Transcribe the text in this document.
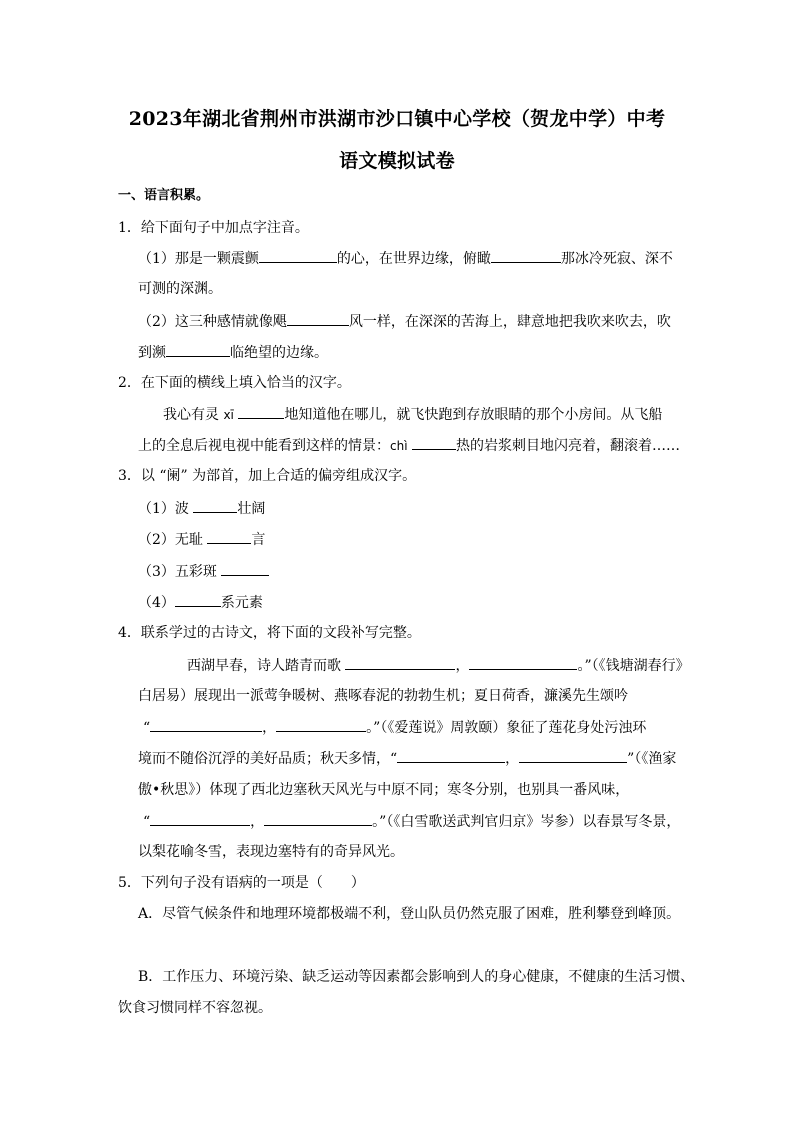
2023年湖北省荆州市洪湖市沙口镇中心学校（贺龙中学）中考
语文模拟试卷
一、语言积累。
1．给下面句子中加点字注音。
（1）那是一颗震颤	的心，在世界边缘，俯瞰	那冰冷死寂、深不
可测的深渊。
（2）这三种感情就像飓	风一样，在深深的苦海上，肆意地把我吹来吹去，吹
到濒	临绝望的边缘。
2．在下面的横线上填入恰当的汉字。
我心有灵 xī	地知道他在哪儿，就飞快跑到存放眼睛的那个小房间。从飞船
上的全息后视电视中能看到这样的情景：chì	热的岩浆刺目地闪亮着，翻滚着……
3．以 “阑” 为部首，加上合适的偏旁组成汉字。
（1）波	壮阔
（2）无耻	言
（3）五彩斑
（4）	系元素
4．联系学过的古诗文，将下面的文段补写完整。
西湖早春，诗人踏青而歌	，	。”（《钱塘湖春行》
白居易）展现出一派莺争暖树、燕啄春泥的勃勃生机；夏日荷香，濂溪先生颂吟
“	，	。”（《爱莲说》周敦颐）象征了莲花身处污浊环
境而不随俗沉浮的美好品质；秋天多情，“	，	”（《渔家
傲•秋思》）体现了西北边塞秋天风光与中原不同；寒冬分别，也别具一番风味，
“	，	。”（《白雪歌送武判官归京》岑参）以春景写冬景，
以梨花喻冬雪，表现边塞特有的奇异风光。
5．下列句子没有语病的一项是（　　）
A．尽管气候条件和地理环境都极端不利，登山队员仍然克服了困难，胜利攀登到峰顶。
B．工作压力、环境污染、缺乏运动等因素都会影响到人的身心健康，不健康的生活习惯、
饮食习惯同样不容忽视。
